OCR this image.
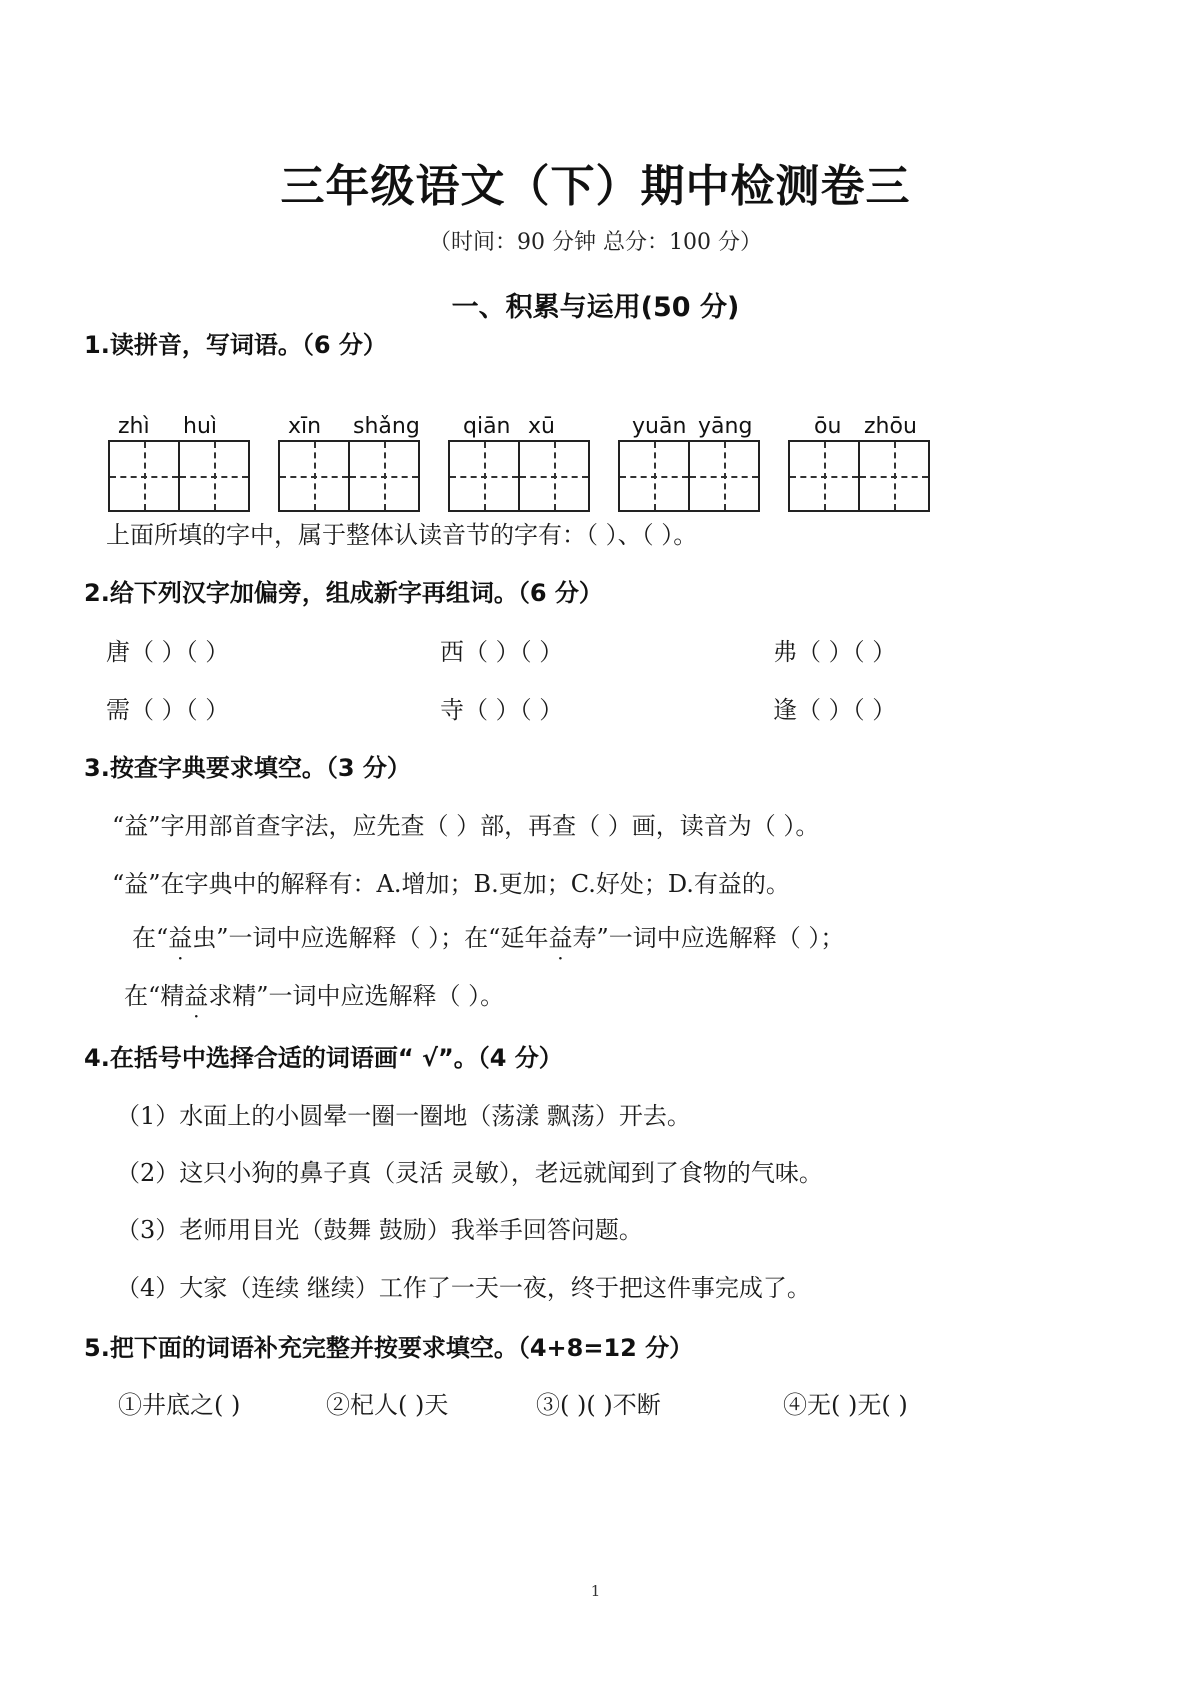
三年级语文（下）期中检测卷三
（时间：90 分钟 总分：100 分）
一、积累与运用(50 分)
1.读拼音，写词语。（6 分）
zhì huì	xīn shǎng qiān xū	yuān yāng	ōu zhōu
上面所填的字中，属于整体认读音节的字有：（ ）、（ ）。
2.给下列汉字加偏旁，组成新字再组词。（6 分）
唐（ ）（ ）	西（ ）（ ）	弗（ ）（ ）
需（ ）（ ）	寺（ ）（ ）	逢（ ）（ ）
3.按查字典要求填空。（3 分）
“益”字用部首查字法，应先查（ ）部，再查（ ）画，读音为（ ）。
“益”在字典中的解释有：A.增加；B.更加；C.好处；D.有益的。
在“益虫”一词中应选解释（ ）；在“延年益寿”一词中应选解释（ ）；
在“精益求精”一词中应选解释（ ）。
4.在括号中选择合适的词语画“ √”。（4 分）
（1）水面上的小圆晕一圈一圈地（荡漾 飘荡）开去。
（2）这只小狗的鼻子真（灵活 灵敏），老远就闻到了食物的气味。
（3）老师用目光（鼓舞 鼓励）我举手回答问题。
（4）大家（连续 继续）工作了一天一夜，终于把这件事完成了。
5.把下面的词语补充完整并按要求填空。（4+8=12 分）
①井底之( )	②杞人( )天	③( )( )不断	④无( )无( )
1
